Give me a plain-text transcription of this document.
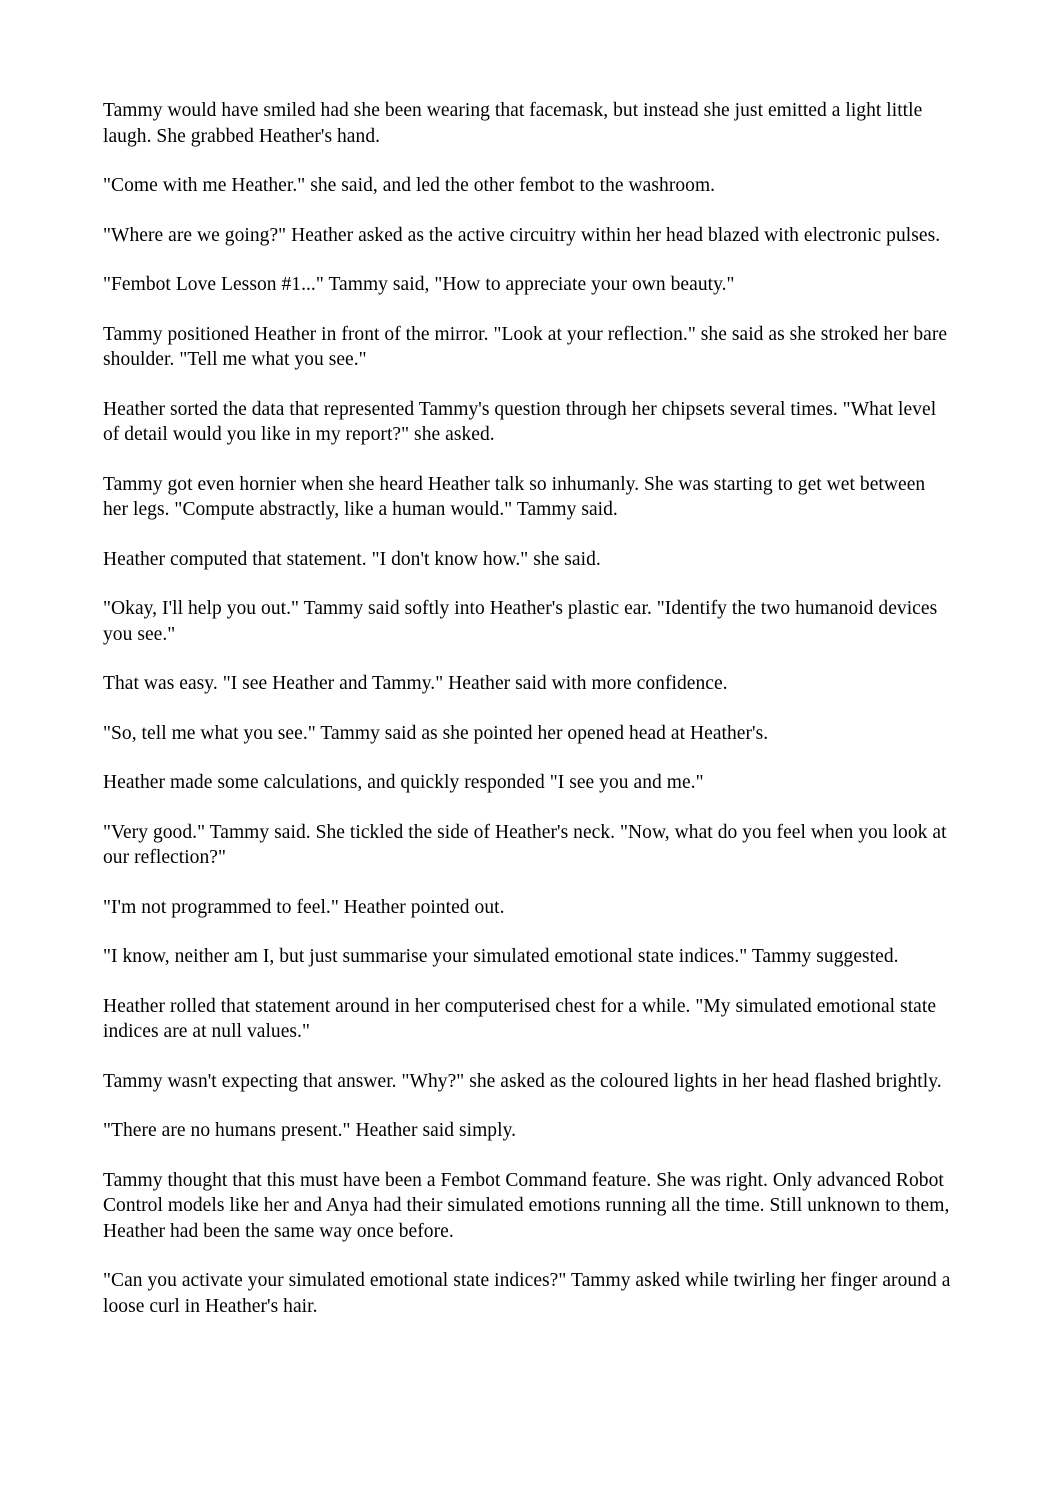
Tammy would have smiled had she been wearing that facemask, but instead she just emitted a light little laugh. She grabbed Heather's hand.

"Come with me Heather." she said, and led the other fembot to the washroom.

"Where are we going?" Heather asked as the active circuitry within her head blazed with electronic pulses.

"Fembot Love Lesson #1..." Tammy said, "How to appreciate your own beauty."

Tammy positioned Heather in front of the mirror. "Look at your reflection." she said as she stroked her bare shoulder. "Tell me what you see."

Heather sorted the data that represented Tammy's question through her chipsets several times. "What level of detail would you like in my report?" she asked.

Tammy got even hornier when she heard Heather talk so inhumanly. She was starting to get wet between her legs. "Compute abstractly, like a human would." Tammy said.

Heather computed that statement. "I don't know how." she said.

"Okay, I'll help you out." Tammy said softly into Heather's plastic ear. "Identify the two humanoid devices you see."

That was easy. "I see Heather and Tammy." Heather said with more confidence.

"So, tell me what you see." Tammy said as she pointed her opened head at Heather's.

Heather made some calculations, and quickly responded "I see you and me."

"Very good." Tammy said. She tickled the side of Heather's neck. "Now, what do you feel when you look at our reflection?"

"I'm not programmed to feel." Heather pointed out.

"I know, neither am I, but just summarise your simulated emotional state indices." Tammy suggested.

Heather rolled that statement around in her computerised chest for a while. "My simulated emotional state indices are at null values."

Tammy wasn't expecting that answer. "Why?" she asked as the coloured lights in her head flashed brightly.

"There are no humans present." Heather said simply.

Tammy thought that this must have been a Fembot Command feature. She was right. Only advanced Robot Control models like her and Anya had their simulated emotions running all the time. Still unknown to them, Heather had been the same way once before.

"Can you activate your simulated emotional state indices?" Tammy asked while twirling her finger around a loose curl in Heather's hair.
